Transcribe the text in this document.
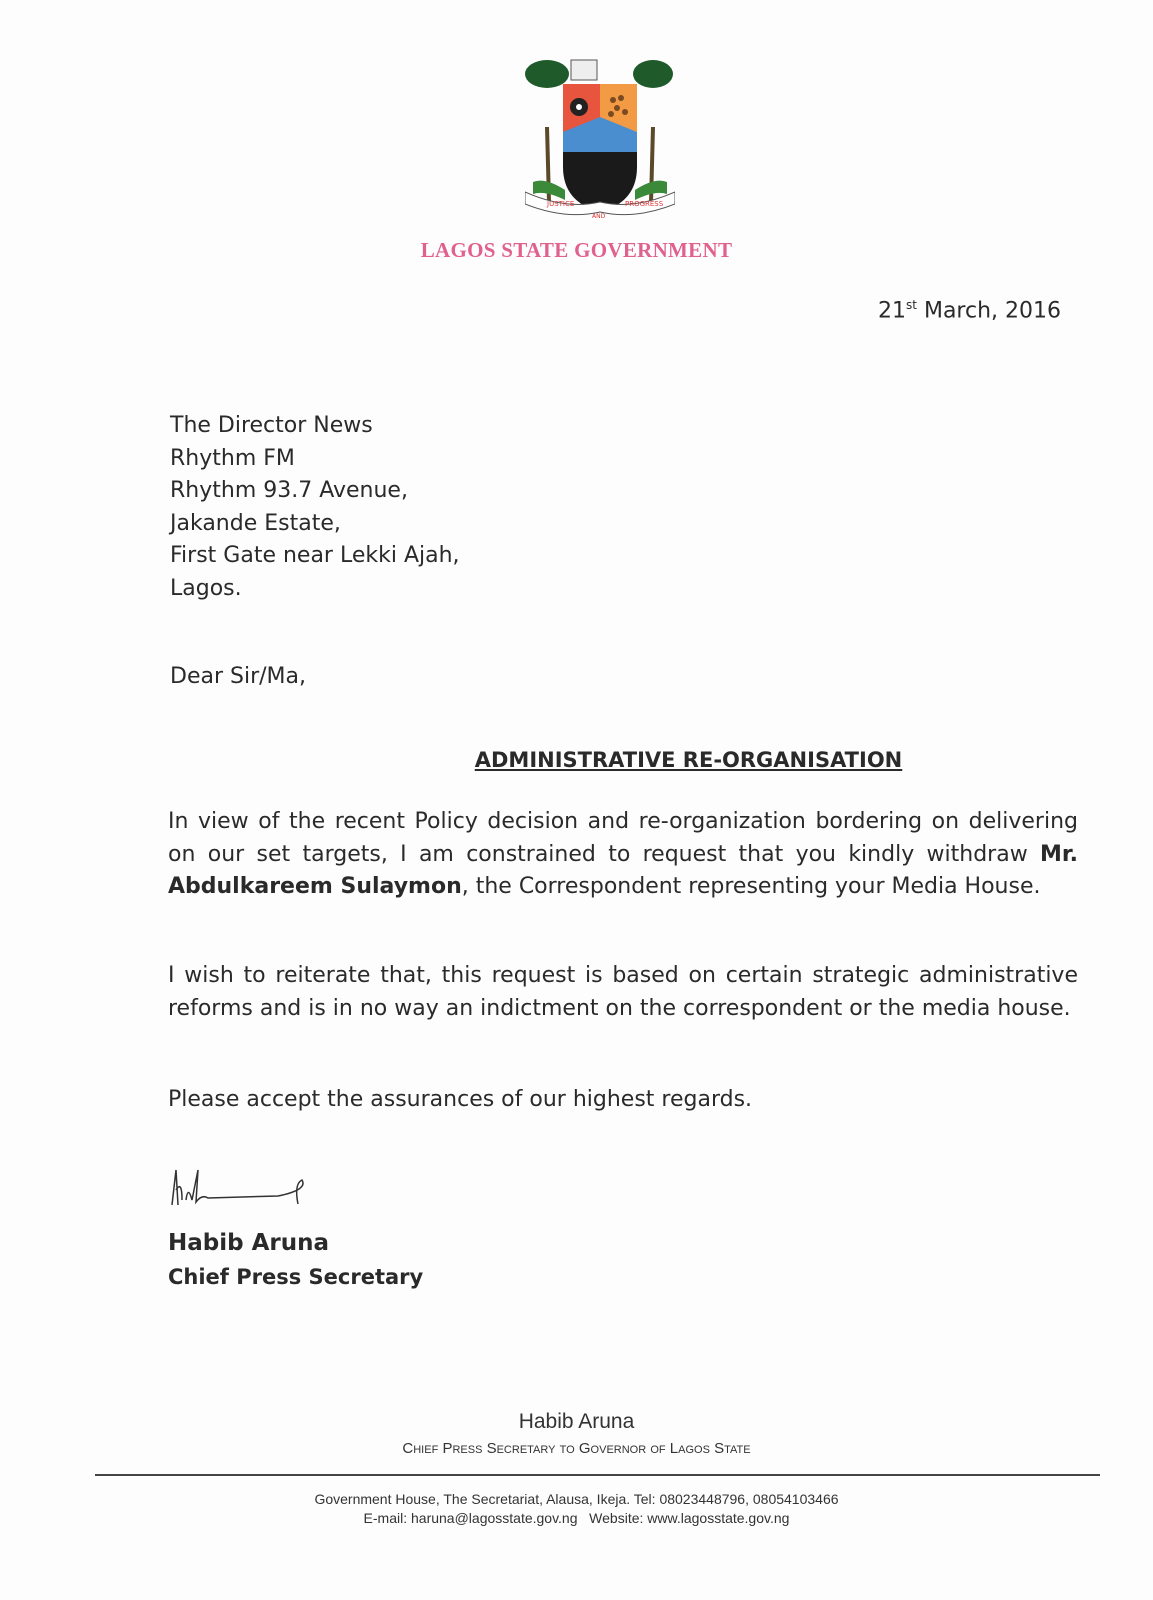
JUSTICE
AND
PROGRESS
LAGOS STATE GOVERNMENT
21st March, 2016
The Director News
Rhythm FM
Rhythm 93.7 Avenue,
Jakande Estate,
First Gate near Lekki Ajah,
Lagos.
Dear Sir/Ma,
ADMINISTRATIVE RE-ORGANISATION
In view of the recent Policy decision and re-organization bordering on delivering on our set targets, I am constrained to request that you kindly withdraw Mr. Abdulkareem Sulaymon, the Correspondent representing your Media House.
I wish to reiterate that, this request is based on certain strategic administrative reforms and is in no way an indictment on the correspondent or the media house.
Please accept the assurances of our highest regards.
Habib Aruna
Chief Press Secretary
Habib Aruna
Chief Press Secretary to Governor of Lagos State
Government House, The Secretariat, Alausa, Ikeja. Tel: 08023448796, 08054103466
E-mail: haruna@lagosstate.gov.ng   Website: www.lagosstate.gov.ng
